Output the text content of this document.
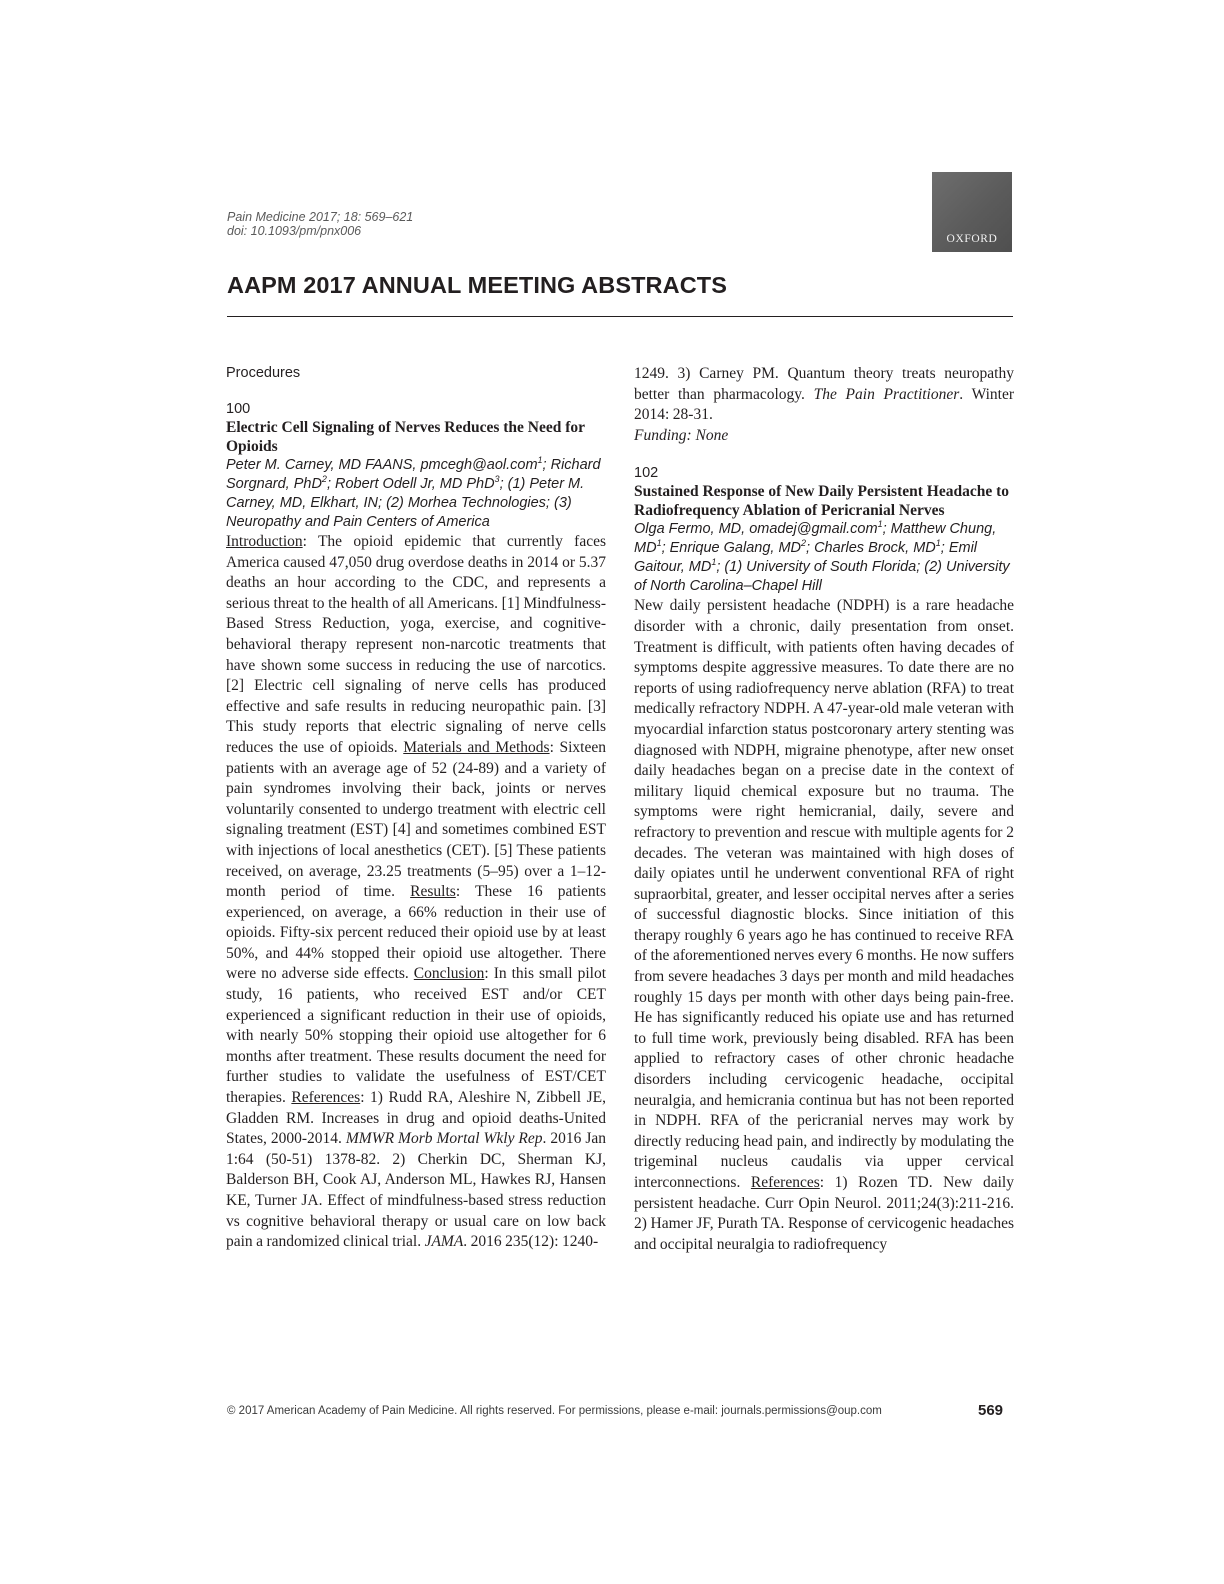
Pain Medicine 2017; 18: 569–621
doi: 10.1093/pm/pnx006
OXFORD
AAPM 2017 ANNUAL MEETING ABSTRACTS
Procedures
100
Electric Cell Signaling of Nerves Reduces the Need for Opioids
Peter M. Carney, MD FAANS, pmcegh@aol.com$^1$; Richard Sorgnard, PhD$^2$; Robert Odell Jr, MD PhD$^3$; (1) Peter M. Carney, MD, Elkhart, IN; (2) Morhea Technologies; (3) Neuropathy and Pain Centers of America

Introduction: The opioid epidemic that currently faces America caused 47,050 drug overdose deaths in 2014 or 5.37 deaths an hour according to the CDC, and represents a serious threat to the health of all Americans. [1] Mindfulness-Based Stress Reduction, yoga, exercise, and cognitive-behavioral therapy represent non-narcotic treatments that have shown some success in reducing the use of narcotics. [2] Electric cell signaling of nerve cells has produced effective and safe results in reducing neuropathic pain. [3] This study reports that electric signaling of nerve cells reduces the use of opioids. Materials and Methods: Sixteen patients with an average age of 52 (24-89) and a variety of pain syndromes involving their back, joints or nerves voluntarily consented to undergo treatment with electric cell signaling treatment (EST) [4] and sometimes combined EST with injections of local anesthetics (CET). [5] These patients received, on average, 23.25 treatments (5–95) over a 1–12-month period of time. Results: These 16 patients experienced, on average, a 66% reduction in their use of opioids. Fifty-six percent reduced their opioid use by at least 50%, and 44% stopped their opioid use altogether. There were no adverse side effects. Conclusion: In this small pilot study, 16 patients, who received EST and/or CET experienced a significant reduction in their use of opioids, with nearly 50% stopping their opioid use altogether for 6 months after treatment. These results document the need for further studies to validate the usefulness of EST/CET therapies. References: 1) Rudd RA, Aleshire N, Zibbell JE, Gladden RM. Increases in drug and opioid deaths-United States, 2000-2014. MMWR Morb Mortal Wkly Rep. 2016 Jan 1:64 (50-51) 1378-82. 2) Cherkin DC, Sherman KJ, Balderson BH, Cook AJ, Anderson ML, Hawkes RJ, Hansen KE, Turner JA. Effect of mindfulness-based stress reduction vs cognitive behavioral therapy or usual care on low back pain a randomized clinical trial. JAMA. 2016 235(12): 1240-

1249. 3) Carney PM. Quantum theory treats neuropathy better than pharmacology. The Pain Practitioner. Winter 2014: 28-31.

Funding: None

102
Sustained Response of New Daily Persistent Headache to Radiofrequency Ablation of Pericranial Nerves
Olga Fermo, MD, omadej@gmail.com$^1$; Matthew Chung, $MD^1$; Enrique Galang, $MD^2$; Charles Brock, $MD^1$; Emil Gaitour, $MD^1$; (1) University of South Florida; (2) University of North Carolina–Chapel Hill

New daily persistent headache (NDPH) is a rare headache disorder with a chronic, daily presentation from onset. Treatment is difficult, with patients often having decades of symptoms despite aggressive measures. To date there are no reports of using radiofrequency nerve ablation (RFA) to treat medically refractory NDPH. A 47-year-old male veteran with myocardial infarction status postcoronary artery stenting was diagnosed with NDPH, migraine phenotype, after new onset daily headaches began on a precise date in the context of military liquid chemical exposure but no trauma. The symptoms were right hemicranial, daily, severe and refractory to prevention and rescue with multiple agents for 2 decades. The veteran was maintained with high doses of daily opiates until he underwent conventional RFA of right supraorbital, greater, and lesser occipital nerves after a series of successful diagnostic blocks. Since initiation of this therapy roughly 6 years ago he has continued to receive RFA of the aforementioned nerves every 6 months. He now suffers from severe headaches 3 days per month and mild headaches roughly 15 days per month with other days being pain-free. He has significantly reduced his opiate use and has returned to full time work, previously being disabled. RFA has been applied to refractory cases of other chronic headache disorders including cervicogenic headache, occipital neuralgia, and hemicrania continua but has not been reported in NDPH. RFA of the pericranial nerves may work by directly reducing head pain, and indirectly by modulating the trigeminal nucleus caudalis via upper cervical interconnections. References: 1) Rozen TD. New daily persistent headache. Curr Opin Neurol. 2011;24(3):211-216. 2) Hamer JF, Purath TA. Response of cervicogenic headaches and occipital neuralgia to radiofrequency

© 2017 American Academy of Pain Medicine. All rights reserved. For permissions, please e-mail: journals.permissions@oup.com	569
